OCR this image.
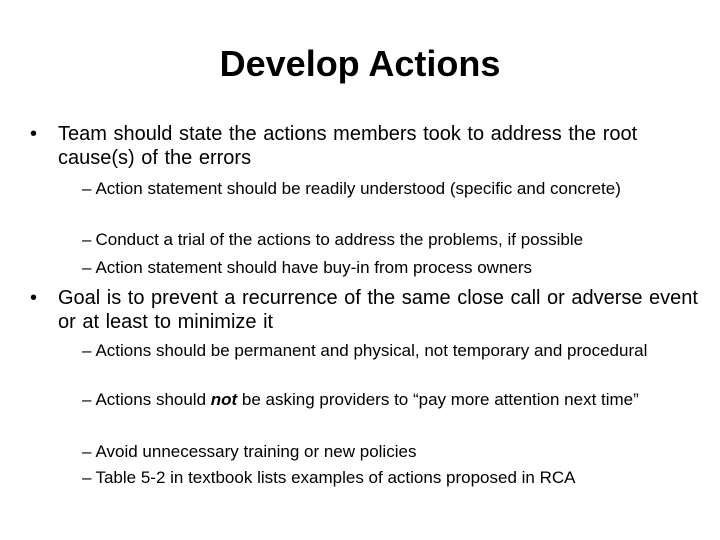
Develop Actions
• Team should state the actions members took to address the root cause(s) of the errors
– Action statement should be readily understood (specific and concrete)
– Conduct a trial of the actions to address the problems, if possible
– Action statement should have buy-in from process owners
• Goal is to prevent a recurrence of the same close call or adverse event or at least to minimize it
– Actions should be permanent and physical, not temporary and procedural
– Actions should not be asking providers to “pay more attention next time”
– Avoid unnecessary training or new policies
– Table 5-2 in textbook lists examples of actions proposed in RCA
